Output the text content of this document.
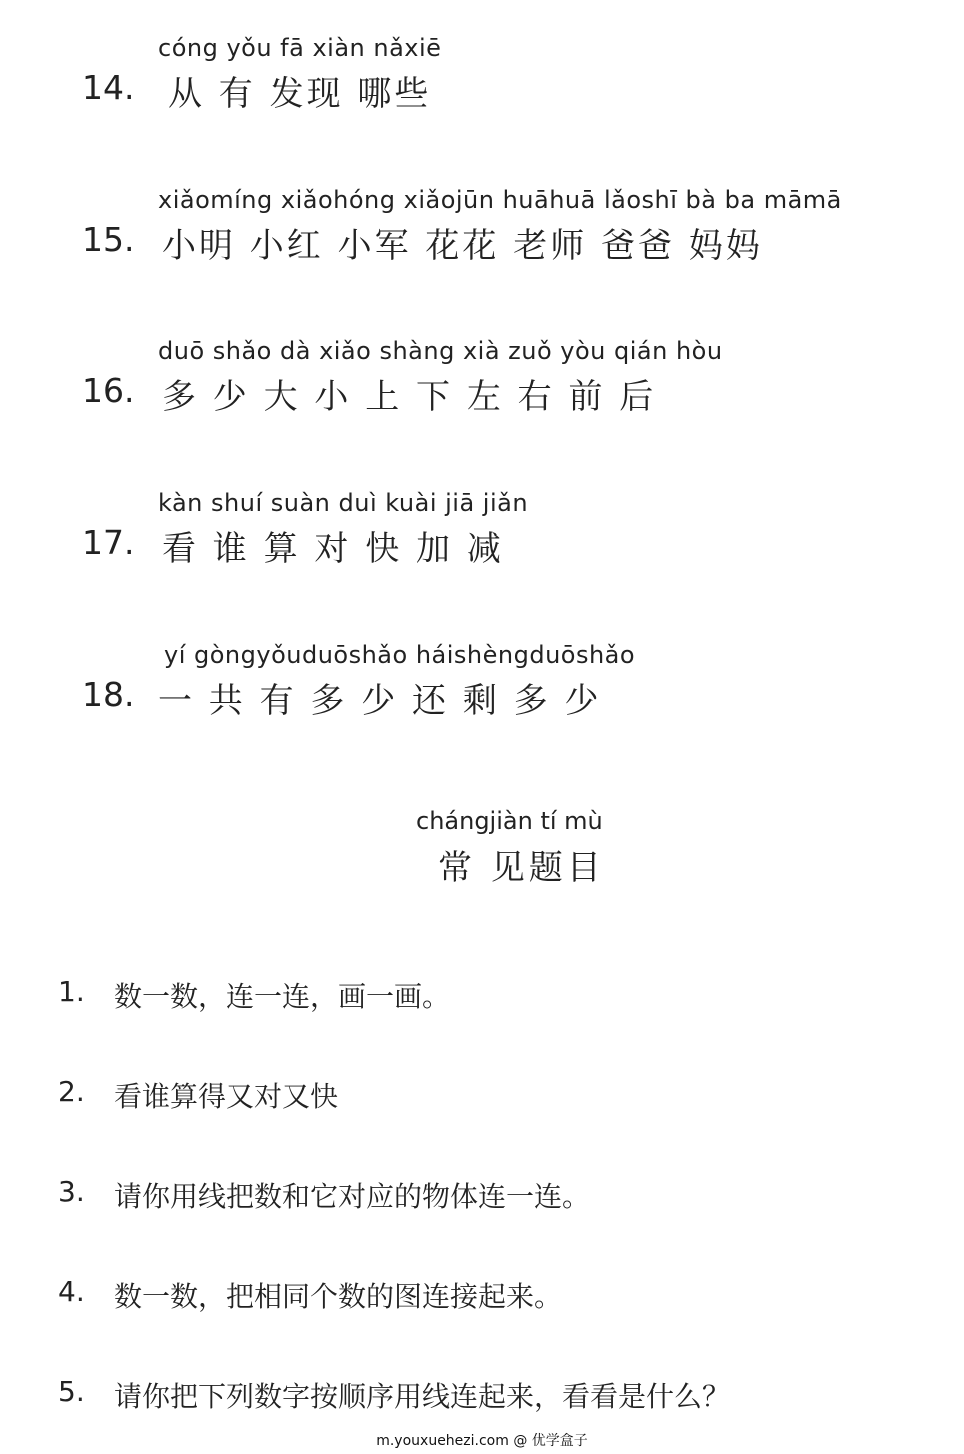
cóng yǒu fā xiàn nǎxiē
14. 从 有 发现 哪些
xiǎomíng xiǎohóng xiǎojūn huāhuā lǎoshī bà ba māmā
15. 小明 小红 小军 花花 老师 爸爸 妈妈
duō shǎo dà xiǎo shàng xià zuǒ yòu qián hòu
16. 多 少 大 小 上 下 左 右 前 后
kàn shuí suàn duì kuài jiā jiǎn
17. 看 谁 算 对 快 加 减
yí gòngyǒuduōshǎo háishèngduōshǎo
18. 一 共 有 多 少 还 剩 多 少
chángjiàn tí mù
常 见题目
1. 数一数，连一连，画一画。
2. 看谁算得又对又快
3. 请你用线把数和它对应的物体连一连。
4. 数一数，把相同个数的图连接起来。
5. 请你把下列数字按顺序用线连起来，看看是什么？
m.youxuehezi.com @ 优学盒子
